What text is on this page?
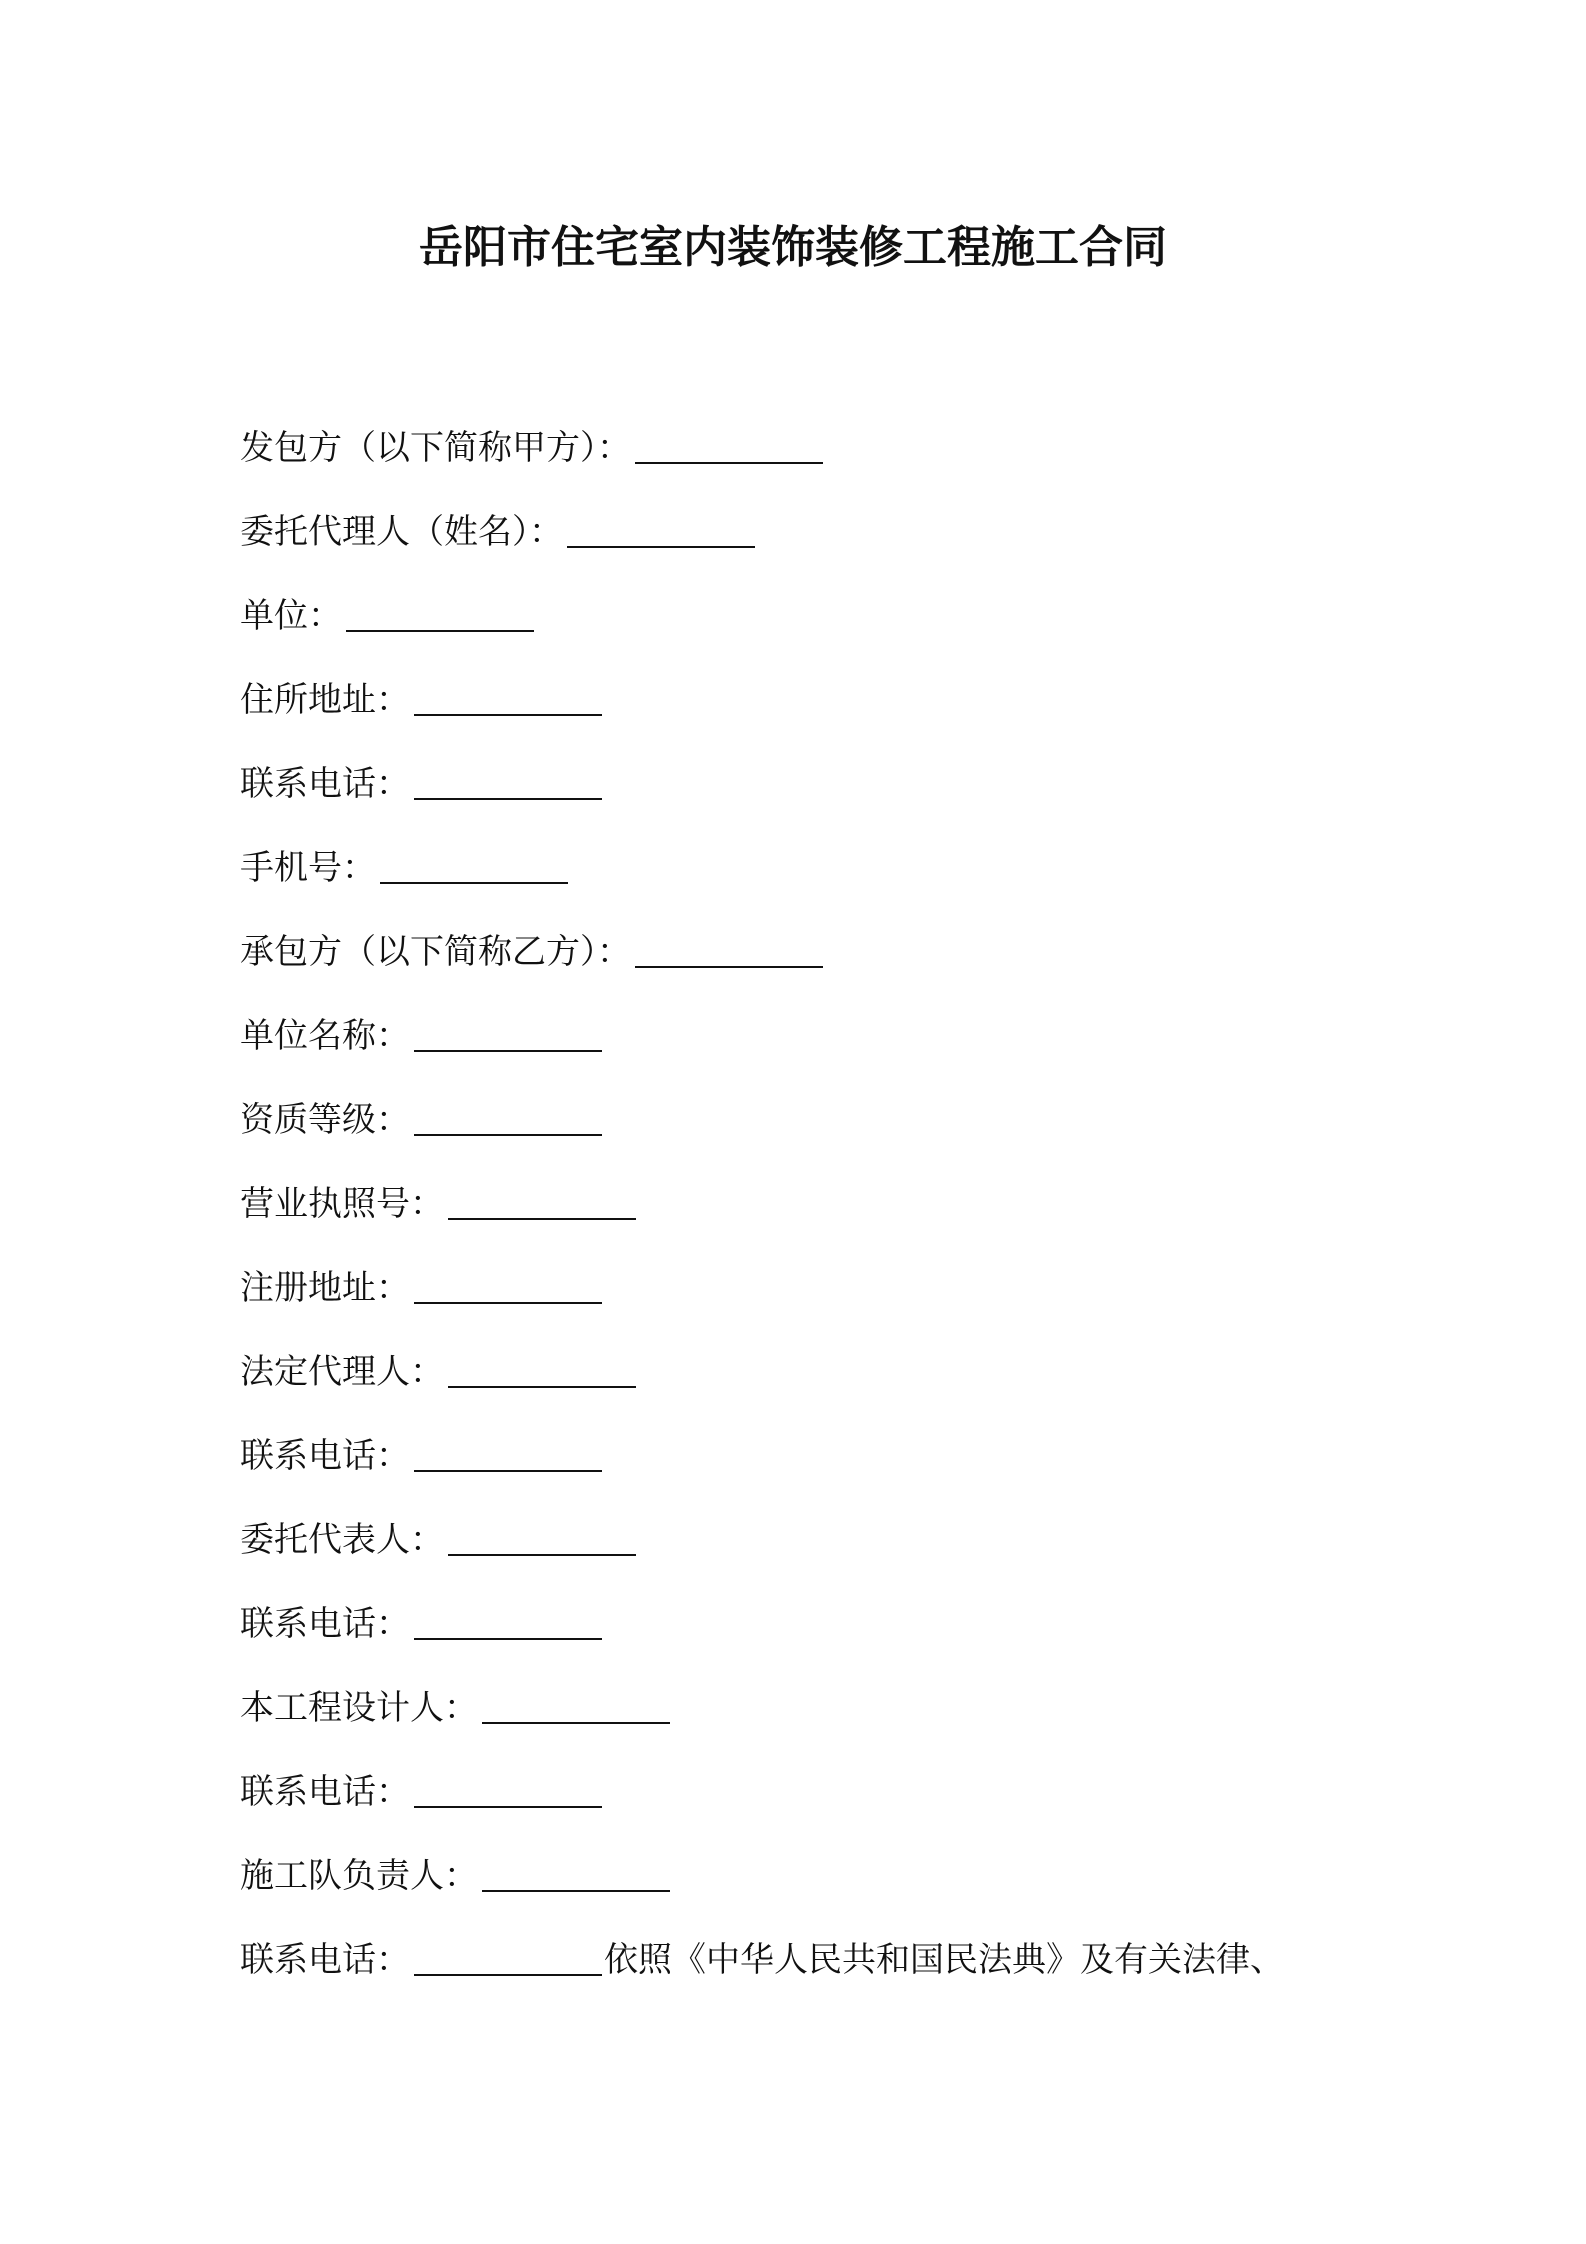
岳阳市住宅室内装饰装修工程施工合同
发包方（以下简称甲方）：
委托代理人（姓名）：
单位：
住所地址：
联系电话：
手机号：
承包方（以下简称乙方）：
单位名称：
资质等级：
营业执照号：
注册地址：
法定代理人：
联系电话：
委托代表人：
联系电话：
本工程设计人：
联系电话：
施工队负责人：
联系电话：	依照《中华人民共和国民法典》及有关法律、
